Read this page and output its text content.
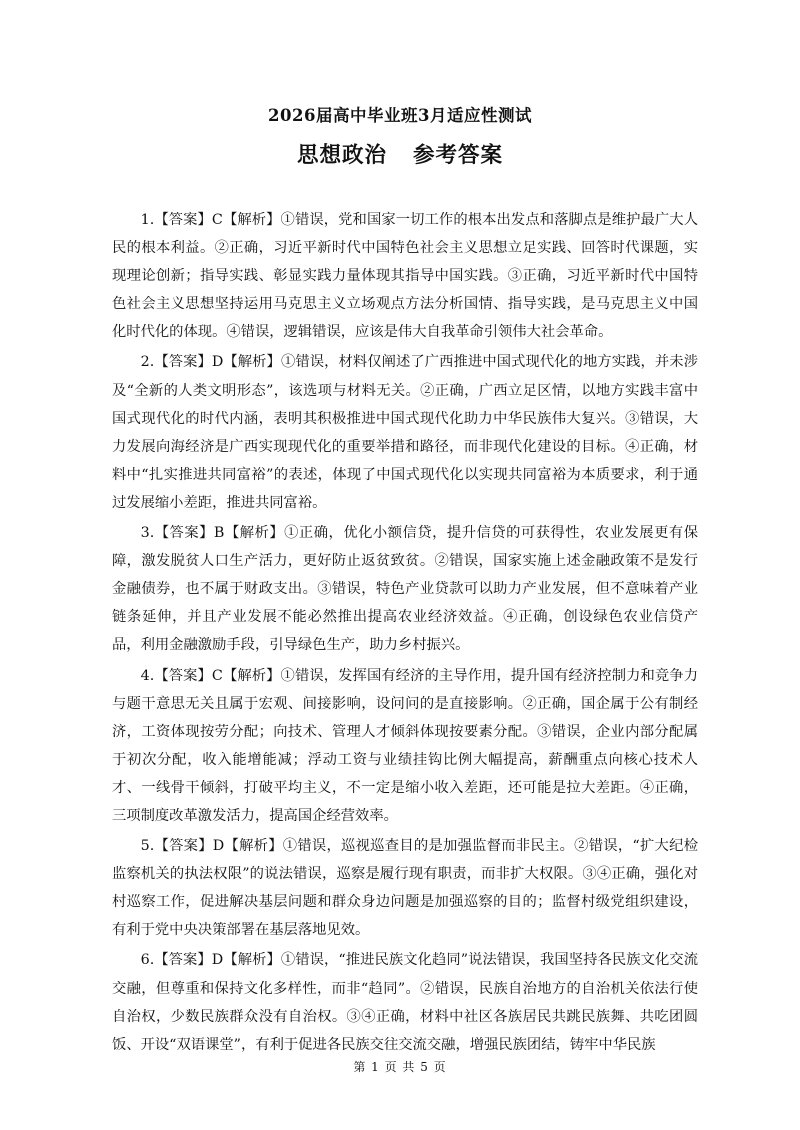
2026届高中毕业班3月适应性测试
思想政治 参考答案

1.【答案】C【解析】①错误，党和国家一切工作的根本出发点和落脚点是维护最广大人民的根本利益。②正确，习近平新时代中国特色社会主义思想立足实践、回答时代课题，实现理论创新；指导实践、彰显实践力量体现其指导中国实践。③正确，习近平新时代中国特色社会主义思想坚持运用马克思主义立场观点方法分析国情、指导实践，是马克思主义中国化时代化的体现。④错误，逻辑错误，应该是伟大自我革命引领伟大社会革命。

2.【答案】D【解析】①错误，材料仅阐述了广西推进中国式现代化的地方实践，并未涉及“全新的人类文明形态”，该选项与材料无关。②正确，广西立足区情，以地方实践丰富中国式现代化的时代内涵，表明其积极推进中国式现代化助力中华民族伟大复兴。③错误，大力发展向海经济是广西实现现代化的重要举措和路径，而非现代化建设的目标。④正确，材料中“扎实推进共同富裕”的表述，体现了中国式现代化以实现共同富裕为本质要求，利于通过发展缩小差距，推进共同富裕。

3.【答案】B【解析】①正确，优化小额信贷，提升信贷的可获得性，农业发展更有保障，激发脱贫人口生产活力，更好防止返贫致贫。②错误，国家实施上述金融政策不是发行金融债券，也不属于财政支出。③错误，特色产业贷款可以助力产业发展，但不意味着产业链条延伸，并且产业发展不能必然推出提高农业经济效益。④正确，创设绿色农业信贷产品，利用金融激励手段，引导绿色生产，助力乡村振兴。

4.【答案】C【解析】①错误，发挥国有经济的主导作用，提升国有经济控制力和竞争力与题干意思无关且属于宏观、间接影响，设问问的是直接影响。②正确，国企属于公有制经济，工资体现按劳分配；向技术、管理人才倾斜体现按要素分配。③错误，企业内部分配属于初次分配，收入能增能减；浮动工资与业绩挂钩比例大幅提高，薪酬重点向核心技术人才、一线骨干倾斜，打破平均主义，不一定是缩小收入差距，还可能是拉大差距。④正确，三项制度改革激发活力，提高国企经营效率。

5.【答案】D【解析】①错误，巡视巡查目的是加强监督而非民主。②错误，“扩大纪检监察机关的执法权限”的说法错误，巡察是履行现有职责，而非扩大权限。③④正确，强化对村巡察工作，促进解决基层问题和群众身边问题是加强巡察的目的；监督村级党组织建设，有利于党中央决策部署在基层落地见效。

6.【答案】D【解析】①错误，“推进民族文化趋同”说法错误，我国坚持各民族文化交流交融，但尊重和保持文化多样性，而非“趋同”。②错误，民族自治地方的自治机关依法行使自治权，少数民族群众没有自治权。③④正确，材料中社区各族居民共跳民族舞、共吃团圆饭、开设“双语课堂”，有利于促进各民族交往交流交融，增强民族团结，铸牢中华民族

第 1 页 共 5 页
